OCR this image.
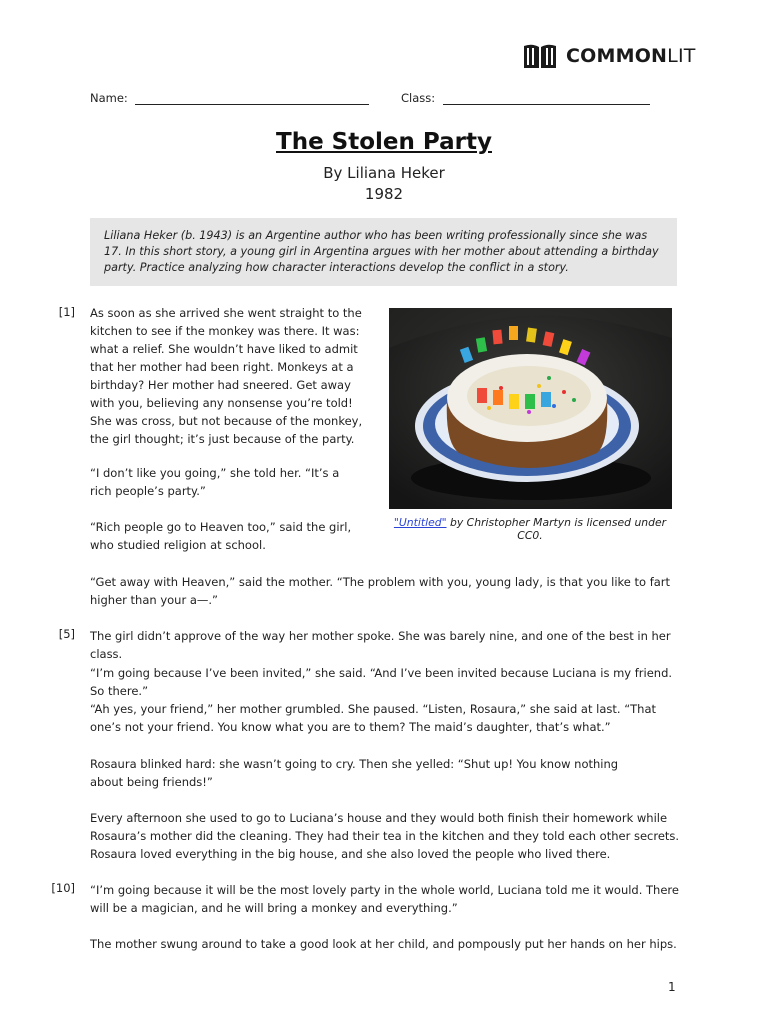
COMMONLIT
Name:	Class:
The Stolen Party
By Liliana Heker
1982
Liliana Heker (b. 1943) is an Argentine author who has been writing professionally since she was 17. In this short story, a young girl in Argentina argues with her mother about attending a birthday party. Practice analyzing how character interactions develop the conflict in a story.
"Untitled" by Christopher Martyn is licensed under CC0.
[1]
[5]
[10]

As soon as she arrived she went straight to the kitchen to see if the monkey was there. It was: what a relief. She wouldn’t have liked to admit that her mother had been right. Monkeys at a birthday? Her mother had sneered. Get away with you, believing any nonsense you’re told! She was cross, but not because of the monkey, the girl thought; it’s just because of the party.

“I don’t like you going,” she told her. “It’s a rich people’s party.”

“Rich people go to Heaven too,” said the girl, who studied religion at school.

“Get away with Heaven,” said the mother. “The problem with you, young lady, is that you like to fart higher than your a—.”

The girl didn’t approve of the way her mother spoke. She was barely nine, and one of the best in her class.

“I’m going because I’ve been invited,” she said. “And I’ve been invited because Luciana is my friend. So there.”

“Ah yes, your friend,” her mother grumbled. She paused. “Listen, Rosaura,” she said at last. “That one’s not your friend. You know what you are to them? The maid’s daughter, that’s what.”

Rosaura blinked hard: she wasn’t going to cry. Then she yelled: “Shut up! You know nothing about being friends!”

Every afternoon she used to go to Luciana’s house and they would both finish their homework while Rosaura’s mother did the cleaning. They had their tea in the kitchen and they told each other secrets. Rosaura loved everything in the big house, and she also loved the people who lived there.

“I’m going because it will be the most lovely party in the whole world, Luciana told me it would. There will be a magician, and he will bring a monkey and everything.”

The mother swung around to take a good look at her child, and pompously put her hands on her hips.

1
